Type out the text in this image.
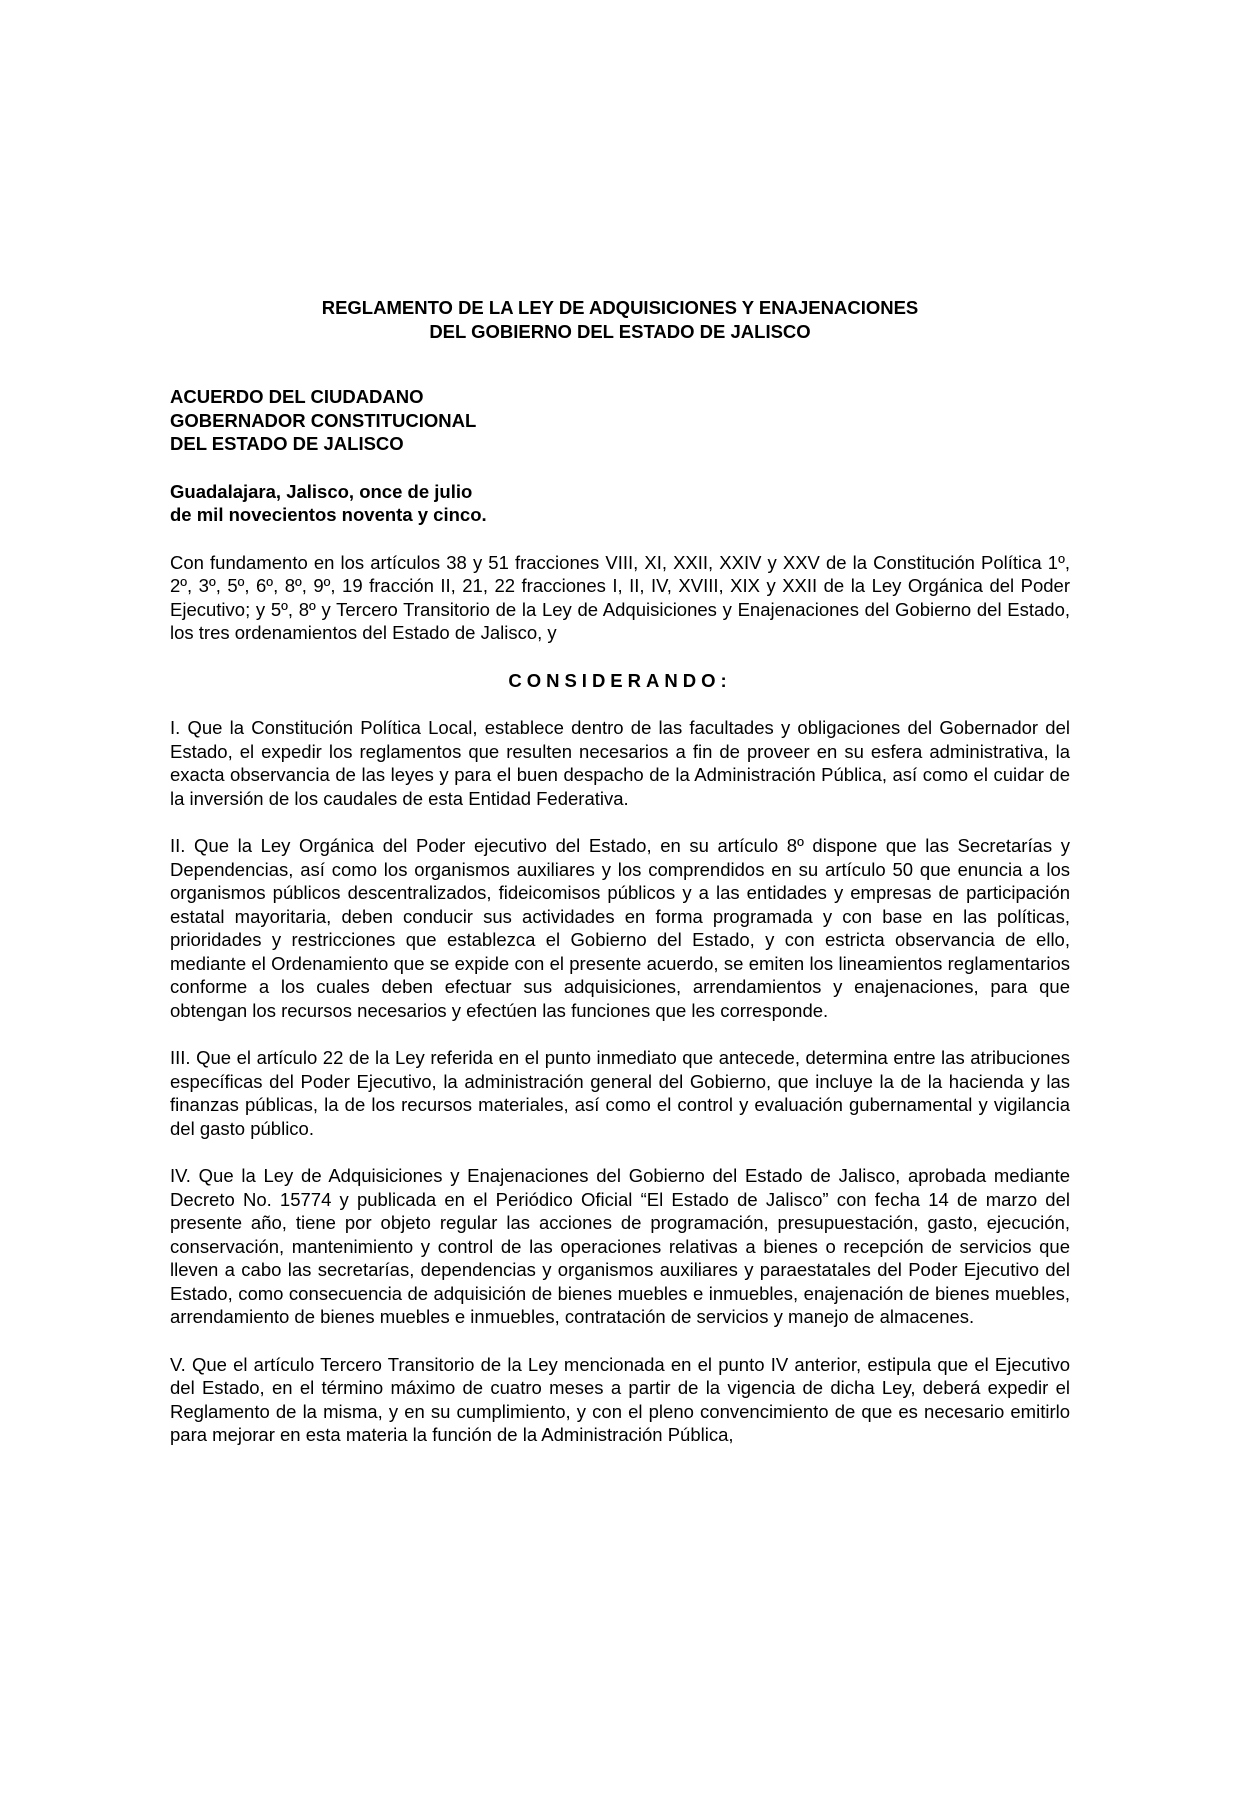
REGLAMENTO DE LA LEY DE ADQUISICIONES Y ENAJENACIONES
DEL GOBIERNO DEL ESTADO DE JALISCO
ACUERDO DEL CIUDADANO
GOBERNADOR CONSTITUCIONAL
DEL ESTADO DE JALISCO
Guadalajara, Jalisco, once de julio
de mil novecientos noventa y cinco.

Con fundamento en los artículos 38 y 51 fracciones VIII, XI, XXII, XXIV y XXV de la Constitución Política 1º, 2º, 3º, 5º, 6º, 8º, 9º, 19 fracción II, 21, 22 fracciones I, II, IV, XVIII, XIX y XXII de la Ley Orgánica del Poder Ejecutivo; y 5º, 8º y Tercero Transitorio de la Ley de Adquisiciones y Enajenaciones del Gobierno del Estado, los tres ordenamientos del Estado de Jalisco, y

CONSIDERANDO:

I. Que la Constitución Política Local, establece dentro de las facultades y obligaciones del Gobernador del Estado, el expedir los reglamentos que resulten necesarios a fin de proveer en su esfera administrativa, la exacta observancia de las leyes y para el buen despacho de la Administración Pública, así como el cuidar de la inversión de los caudales de esta Entidad Federativa.

II. Que la Ley Orgánica del Poder ejecutivo del Estado, en su artículo 8º dispone que las Secretarías y Dependencias, así como los organismos auxiliares y los comprendidos en su artículo 50 que enuncia a los organismos públicos descentralizados, fideicomisos públicos y a las entidades y empresas de participación estatal mayoritaria, deben conducir sus actividades en forma programada y con base en las políticas, prioridades y restricciones que establezca el Gobierno del Estado, y con estricta observancia de ello, mediante el Ordenamiento que se expide con el presente acuerdo, se emiten los lineamientos reglamentarios conforme a los cuales deben efectuar sus adquisiciones, arrendamientos y enajenaciones, para que obtengan los recursos necesarios y efectúen las funciones que les corresponde.

III. Que el artículo 22 de la Ley referida en el punto inmediato que antecede, determina entre las atribuciones específicas del Poder Ejecutivo, la administración general del Gobierno, que incluye la de la hacienda y las finanzas públicas, la de los recursos materiales, así como el control y evaluación gubernamental y vigilancia del gasto público.

IV. Que la Ley de Adquisiciones y Enajenaciones del Gobierno del Estado de Jalisco, aprobada mediante Decreto No. 15774 y publicada en el Periódico Oficial “El Estado de Jalisco” con fecha 14 de marzo del presente año, tiene por objeto regular las acciones de programación, presupuestación, gasto, ejecución, conservación, mantenimiento y control de las operaciones relativas a bienes o recepción de servicios que lleven a cabo las secretarías, dependencias y organismos auxiliares y paraestatales del Poder Ejecutivo del Estado, como consecuencia de adquisición de bienes muebles e inmuebles, enajenación de bienes muebles, arrendamiento de bienes muebles e inmuebles, contratación de servicios y manejo de almacenes.

V. Que el artículo Tercero Transitorio de la Ley mencionada en el punto IV anterior, estipula que el Ejecutivo del Estado, en el término máximo de cuatro meses a partir de la vigencia de dicha Ley, deberá expedir el Reglamento de la misma, y en su cumplimiento, y con el pleno convencimiento de que es necesario emitirlo para mejorar en esta materia la función de la Administración Pública,
